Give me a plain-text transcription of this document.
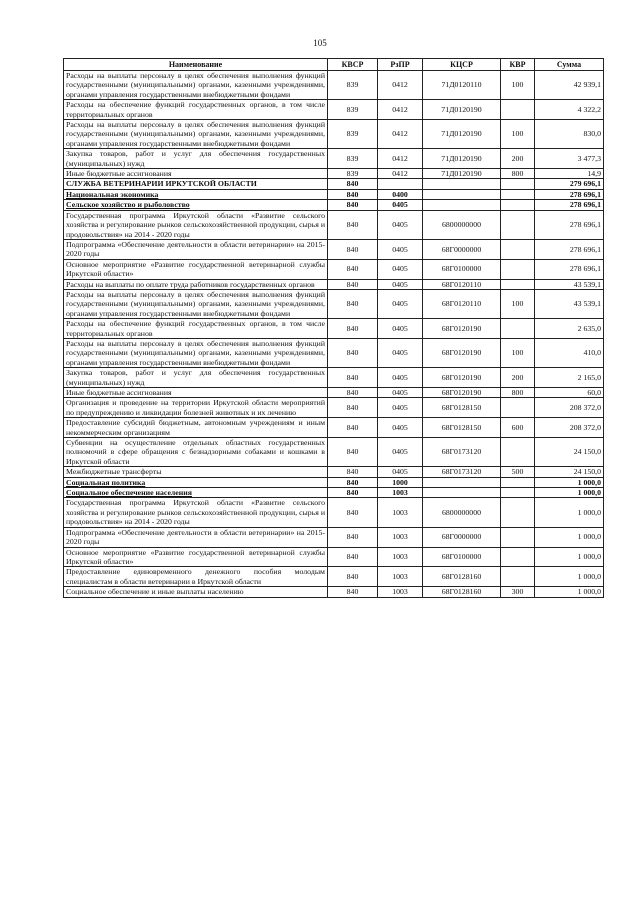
105
Наименование	КВСР	РзПР	КЦСР	КВР	Сумма
Расходы на выплаты персоналу в целях обеспечения выполнения функций государственными (муниципальными) органами, казенными учреждениями, органами управления государственными внебюджетными фондами	839	0412	71Д0120110	100	42 939,1
Расходы на обеспечение функций государственных органов, в том числе территориальных органов	839	0412	71Д0120190		4 322,2
Расходы на выплаты персоналу в целях обеспечения выполнения функций государственными (муниципальными) органами, казенными учреждениями, органами управления государственными внебюджетными фондами	839	0412	71Д0120190	100	830,0
Закупка товаров, работ и услуг для обеспечения государственных (муниципальных) нужд	839	0412	71Д0120190	200	3 477,3
Иные бюджетные ассигнования	839	0412	71Д0120190	800	14,9
СЛУЖБА ВЕТЕРИНАРИИ ИРКУТСКОЙ ОБЛАСТИ	840				279 696,1
Национальная экономика	840	0400			278 696,1
Сельское хозяйство и рыболовство	840	0405			278 696,1
Государственная программа Иркутской области «Развитие сельского хозяйства и регулирование рынков сельскохозяйственной продукции, сырья и продовольствия» на 2014 - 2020 годы	840	0405	6800000000		278 696,1
Подпрограмма «Обеспечение деятельности в области ветеринарии» на 2015-2020 годы	840	0405	68Г0000000		278 696,1
Основное мероприятие «Развитие государственной ветеринарной службы Иркутской области»	840	0405	68Г0100000		278 696,1
Расходы на выплаты по оплате труда работников государственных органов	840	0405	68Г0120110		43 539,1
Расходы на выплаты персоналу в целях обеспечения выполнения функций государственными (муниципальными) органами, казенными учреждениями, органами управления государственными внебюджетными фондами	840	0405	68Г0120110	100	43 539,1
Расходы на обеспечение функций государственных органов, в том числе территориальных органов	840	0405	68Г0120190		2 635,0
Расходы на выплаты персоналу в целях обеспечения выполнения функций государственными (муниципальными) органами, казенными учреждениями, органами управления государственными внебюджетными фондами	840	0405	68Г0120190	100	410,0
Закупка товаров, работ и услуг для обеспечения государственных (муниципальных) нужд	840	0405	68Г0120190	200	2 165,0
Иные бюджетные ассигнования	840	0405	68Г0120190	800	60,0
Организация и проведение на территории Иркутской области мероприятий по предупреждению и ликвидации болезней животных и их лечению	840	0405	68Г0128150		208 372,0
Предоставление субсидий бюджетным, автономным учреждениям и иным некоммерческим организациям	840	0405	68Г0128150	600	208 372,0
Субвенции на осуществление отдельных областных государственных полномочий в сфере обращения с безнадзорными собаками и кошками в Иркутской области	840	0405	68Г0173120		24 150,0
Межбюджетные трансферты	840	0405	68Г0173120	500	24 150,0
Социальная политика	840	1000			1 000,0
Социальное обеспечение населения	840	1003			1 000,0
Государственная программа Иркутской области «Развитие сельского хозяйства и регулирование рынков сельскохозяйственной продукции, сырья и продовольствия» на 2014 - 2020 годы	840	1003	6800000000		1 000,0
Подпрограмма «Обеспечение деятельности в области ветеринарии» на 2015-2020 годы	840	1003	68Г0000000		1 000,0
Основное мероприятие «Развитие государственной ветеринарной службы Иркутской области»	840	1003	68Г0100000		1 000,0
Предоставление единовременного денежного пособия молодым специалистам в области ветеринарии в Иркутской области	840	1003	68Г0128160		1 000,0
Социальное обеспечение и иные выплаты населению	840	1003	68Г0128160	300	1 000,0
